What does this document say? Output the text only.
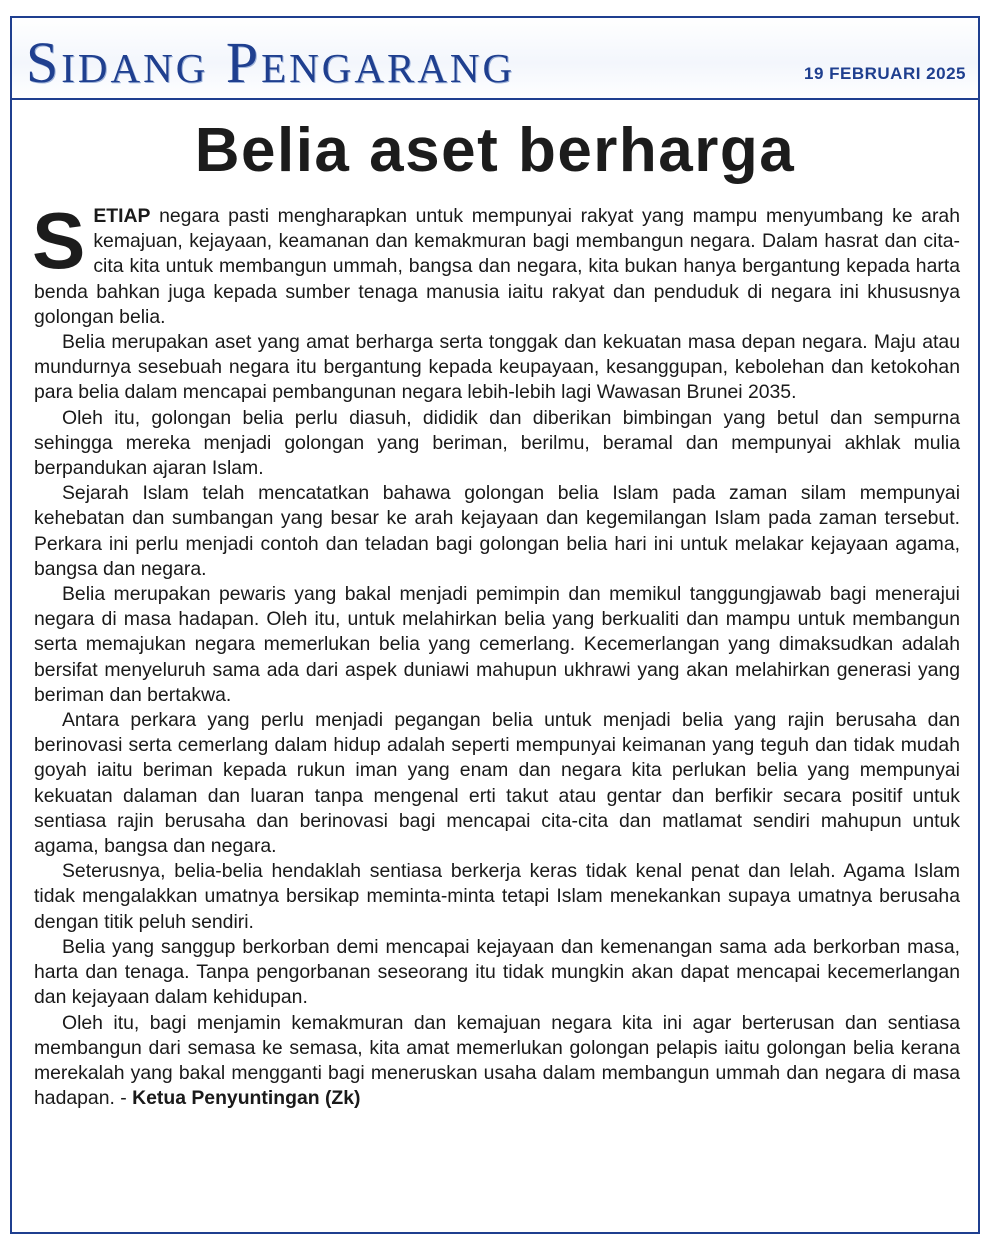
Sidang Pengarang	19 FEBRUARI 2025
Belia aset berharga

SETIAP negara pasti mengharapkan untuk mempunyai rakyat yang mampu menyumbang ke arah kemajuan, kejayaan, keamanan dan kemakmuran bagi membangun negara. Dalam hasrat dan cita-cita kita untuk membangun ummah, bangsa dan negara, kita bukan hanya bergantung kepada harta benda bahkan juga kepada sumber tenaga manusia iaitu rakyat dan penduduk di negara ini khususnya golongan belia.

Belia merupakan aset yang amat berharga serta tonggak dan kekuatan masa depan negara. Maju atau mundurnya sesebuah negara itu bergantung kepada keupayaan, kesanggupan, kebolehan dan ketokohan para belia dalam mencapai pembangunan negara lebih-lebih lagi Wawasan Brunei 2035.

Oleh itu, golongan belia perlu diasuh, dididik dan diberikan bimbingan yang betul dan sempurna sehingga mereka menjadi golongan yang beriman, berilmu, beramal dan mempunyai akhlak mulia berpandukan ajaran Islam.

Sejarah Islam telah mencatatkan bahawa golongan belia Islam pada zaman silam mempunyai kehebatan dan sumbangan yang besar ke arah kejayaan dan kegemilangan Islam pada zaman tersebut. Perkara ini perlu menjadi contoh dan teladan bagi golongan belia hari ini untuk melakar kejayaan agama, bangsa dan negara.

Belia merupakan pewaris yang bakal menjadi pemimpin dan memikul tanggungjawab bagi menerajui negara di masa hadapan. Oleh itu, untuk melahirkan belia yang berkualiti dan mampu untuk membangun serta memajukan negara memerlukan belia yang cemerlang. Kecemerlangan yang dimaksudkan adalah bersifat menyeluruh sama ada dari aspek duniawi mahupun ukhrawi yang akan melahirkan generasi yang beriman dan bertakwa.

Antara perkara yang perlu menjadi pegangan belia untuk menjadi belia yang rajin berusaha dan berinovasi serta cemerlang dalam hidup adalah seperti mempunyai keimanan yang teguh dan tidak mudah goyah iaitu beriman kepada rukun iman yang enam dan negara kita perlukan belia yang mempunyai kekuatan dalaman dan luaran tanpa mengenal erti takut atau gentar dan berfikir secara positif untuk sentiasa rajin berusaha dan berinovasi bagi mencapai cita-cita dan matlamat sendiri mahupun untuk agama, bangsa dan negara.

Seterusnya, belia-belia hendaklah sentiasa berkerja keras tidak kenal penat dan lelah. Agama Islam tidak mengalakkan umatnya bersikap meminta-minta tetapi Islam menekankan supaya umatnya berusaha dengan titik peluh sendiri.

Belia yang sanggup berkorban demi mencapai kejayaan dan kemenangan sama ada berkorban masa, harta dan tenaga. Tanpa pengorbanan seseorang itu tidak mungkin akan dapat mencapai kecemerlangan dan kejayaan dalam kehidupan.

Oleh itu, bagi menjamin kemakmuran dan kemajuan negara kita ini agar berterusan dan sentiasa membangun dari semasa ke semasa, kita amat memerlukan golongan pelapis iaitu golongan belia kerana merekalah yang bakal mengganti bagi meneruskan usaha dalam membangun ummah dan negara di masa hadapan. - Ketua Penyuntingan (Zk)
